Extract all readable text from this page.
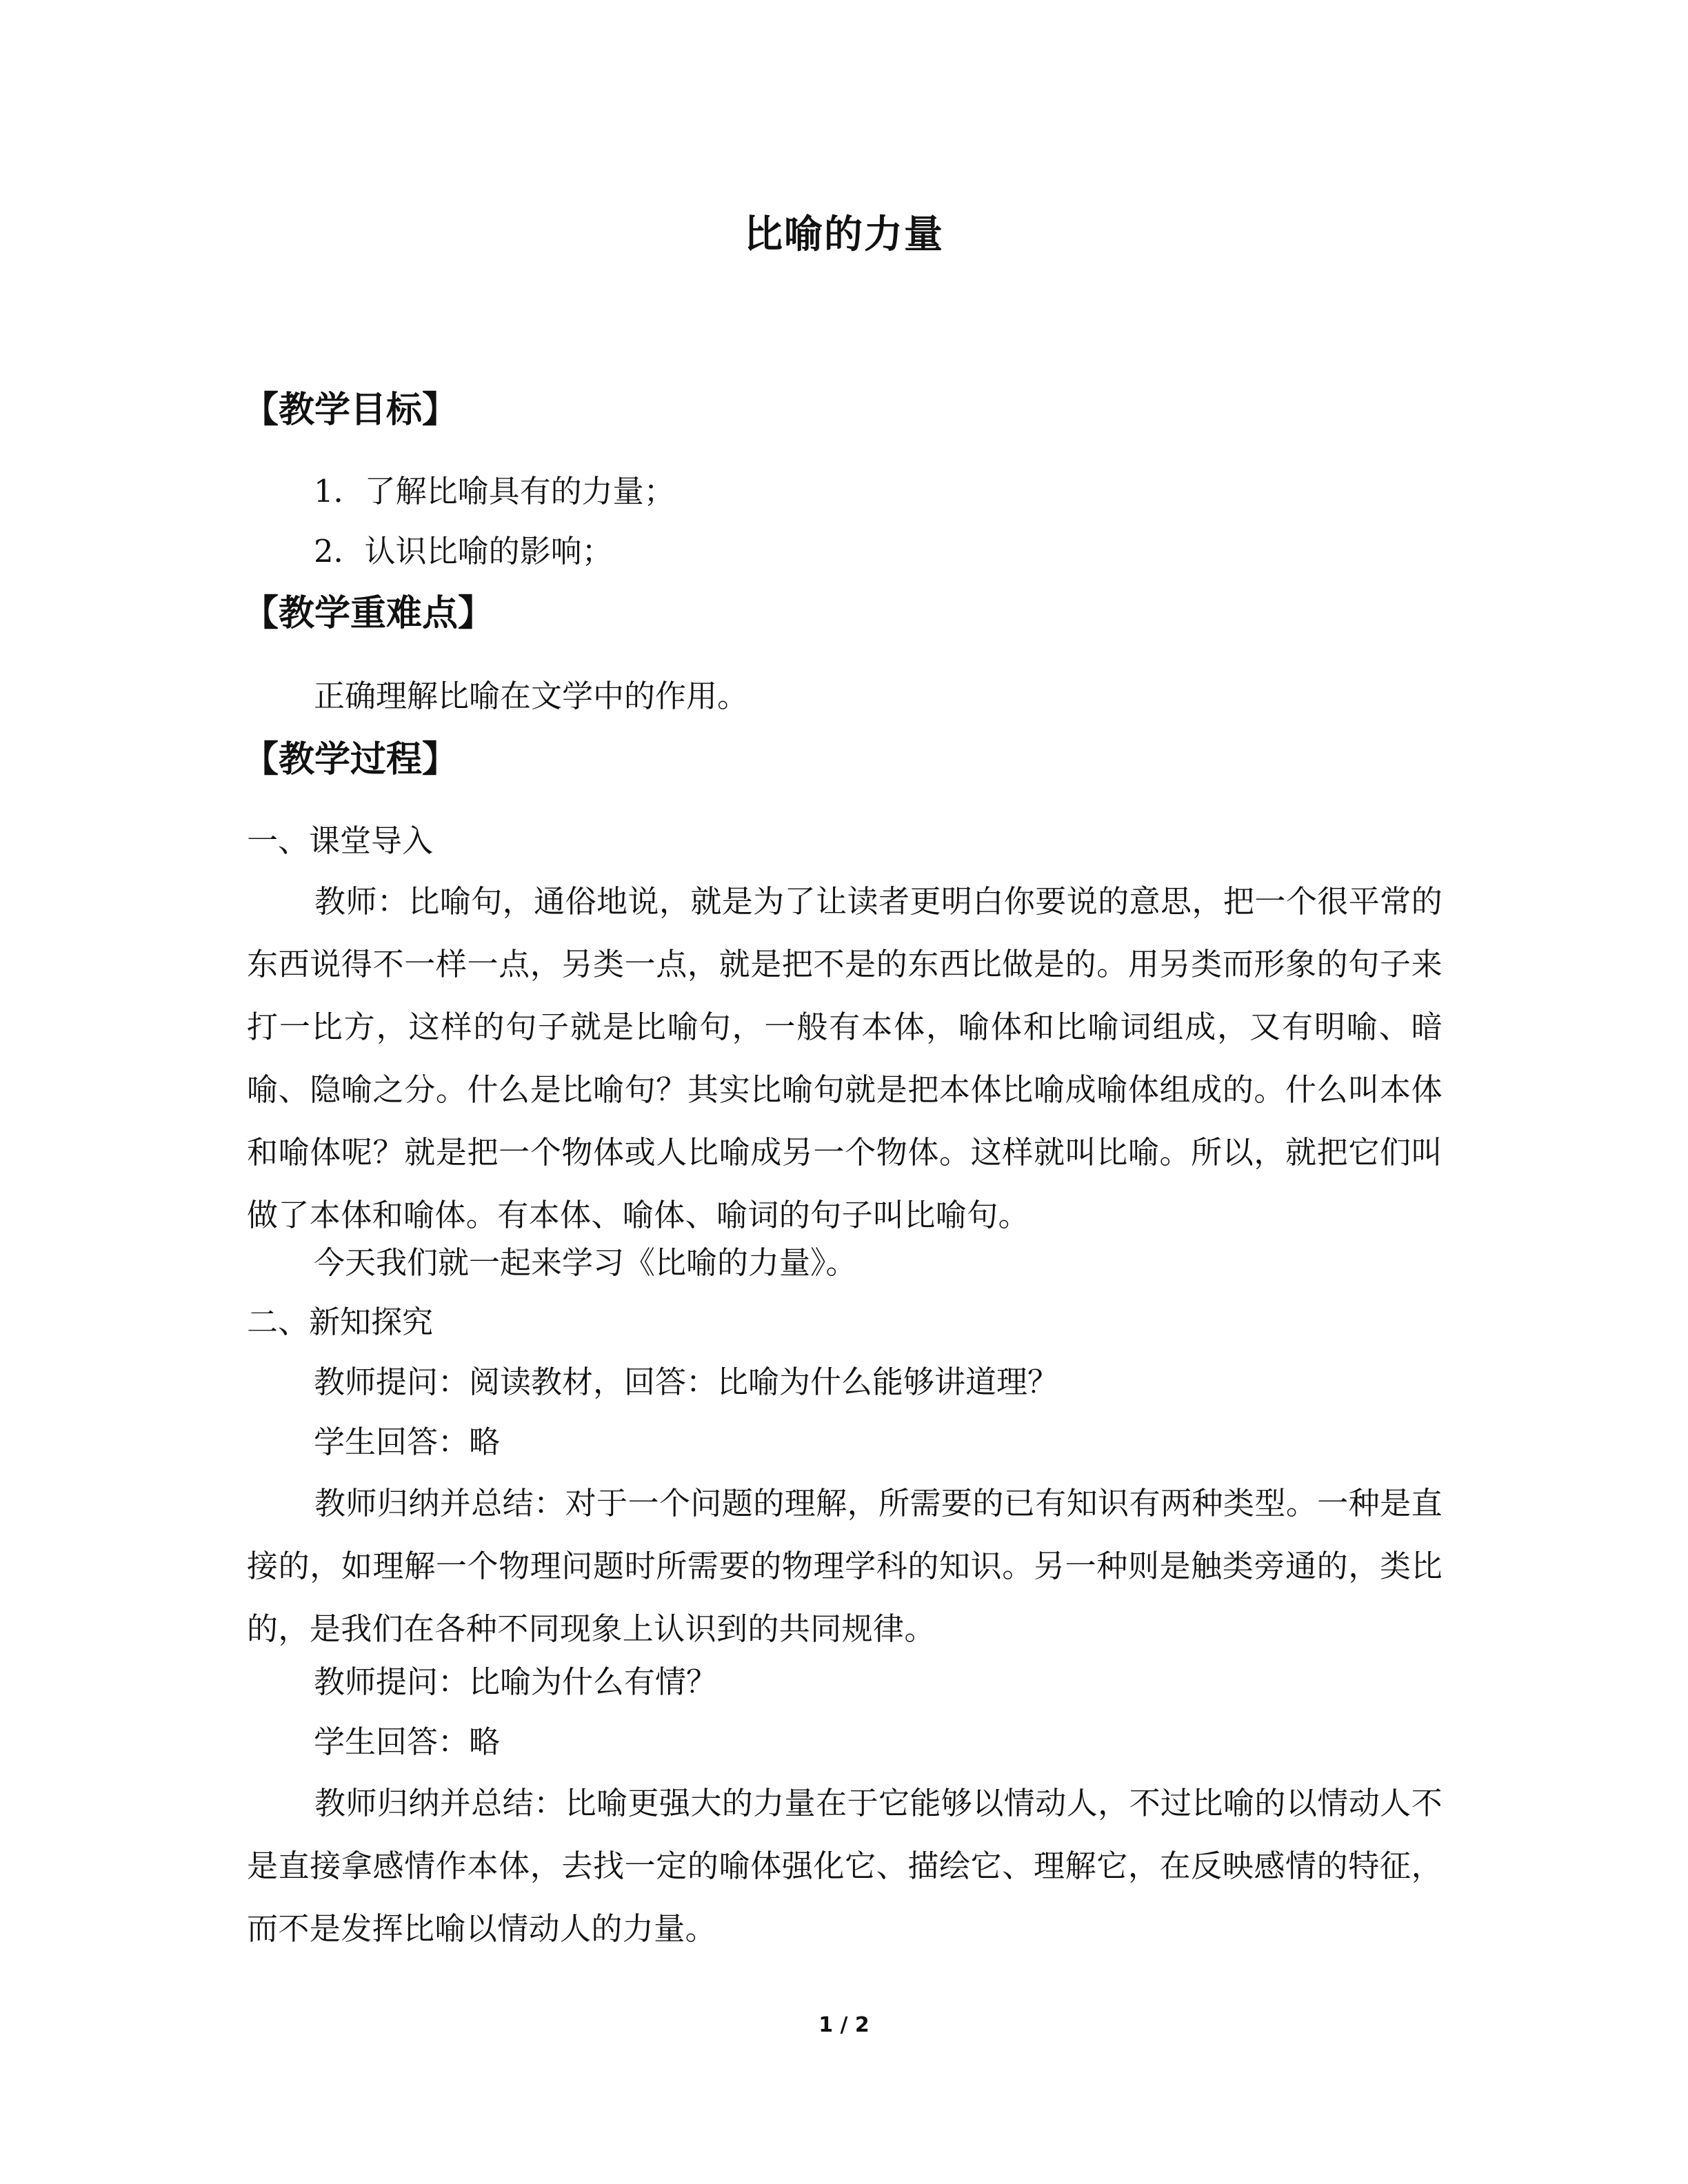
比喻的力量
【教学目标】
1．了解比喻具有的力量；
2．认识比喻的影响；
【教学重难点】
正确理解比喻在文学中的作用。
【教学过程】
一、课堂导入
教师：比喻句，通俗地说，就是为了让读者更明白你要说的意思，把一个很平常的东西说得不一样一点，另类一点，就是把不是的东西比做是的。用另类而形象的句子来打一比方，这样的句子就是比喻句，一般有本体，喻体和比喻词组成，又有明喻、暗喻、隐喻之分。什么是比喻句？其实比喻句就是把本体比喻成喻体组成的。什么叫本体和喻体呢？就是把一个物体或人比喻成另一个物体。这样就叫比喻。所以，就把它们叫做了本体和喻体。有本体、喻体、喻词的句子叫比喻句。
今天我们就一起来学习《比喻的力量》。
二、新知探究
教师提问：阅读教材，回答：比喻为什么能够讲道理？
学生回答：略
教师归纳并总结：对于一个问题的理解，所需要的已有知识有两种类型。一种是直接的，如理解一个物理问题时所需要的物理学科的知识。另一种则是触类旁通的，类比的，是我们在各种不同现象上认识到的共同规律。
教师提问：比喻为什么有情？
学生回答：略
教师归纳并总结：比喻更强大的力量在于它能够以情动人，不过比喻的以情动人不是直接拿感情作本体，去找一定的喻体强化它、描绘它、理解它，在反映感情的特征，而不是发挥比喻以情动人的力量。
1 / 2
